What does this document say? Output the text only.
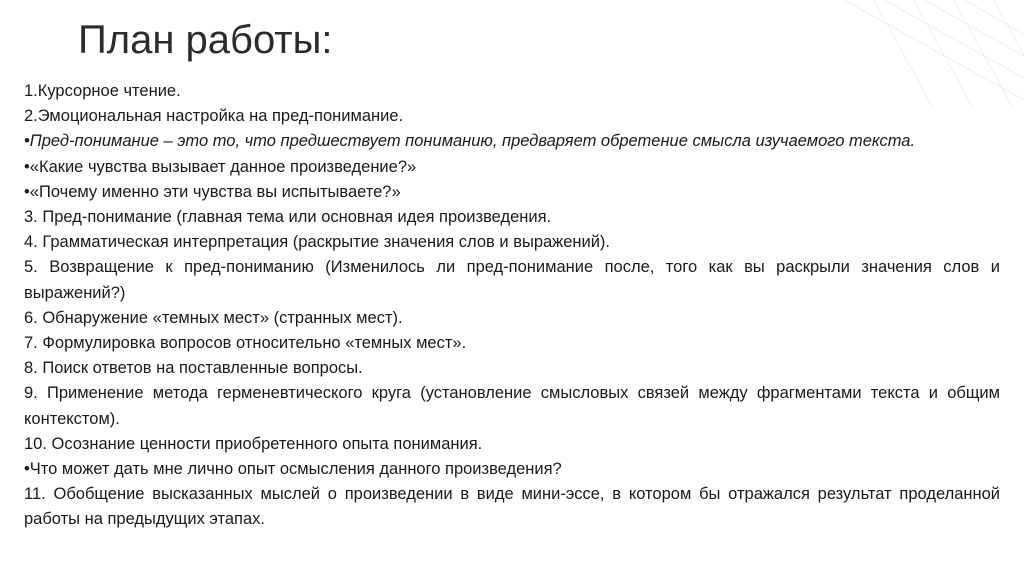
План работы:
1.Курсорное чтение.
2.Эмоциональная настройка на пред-понимание.
•Пред-понимание – это то, что предшествует пониманию, предваряет обретение смысла изучаемого текста.
•«Какие чувства вызывает данное произведение?»
•«Почему именно эти чувства вы испытываете?»
3. Пред-понимание (главная тема или основная идея произведения.
4. Грамматическая интерпретация (раскрытие значения слов и выражений).
5. Возвращение к пред-пониманию (Изменилось ли пред-понимание после, того как вы раскрыли значения слов и выражений?)
6. Обнаружение «темных мест» (странных мест).
7. Формулировка вопросов относительно «темных мест».
8. Поиск ответов на поставленные вопросы.
9. Применение метода герменевтического круга (установление смысловых связей между фрагментами текста и общим контекстом).
10. Осознание ценности приобретенного опыта понимания.
•Что может дать мне лично опыт осмысления данного произведения?
11. Обобщение высказанных мыслей о произведении в виде мини-эссе, в котором бы отражался результат проделанной работы на предыдущих этапах.
